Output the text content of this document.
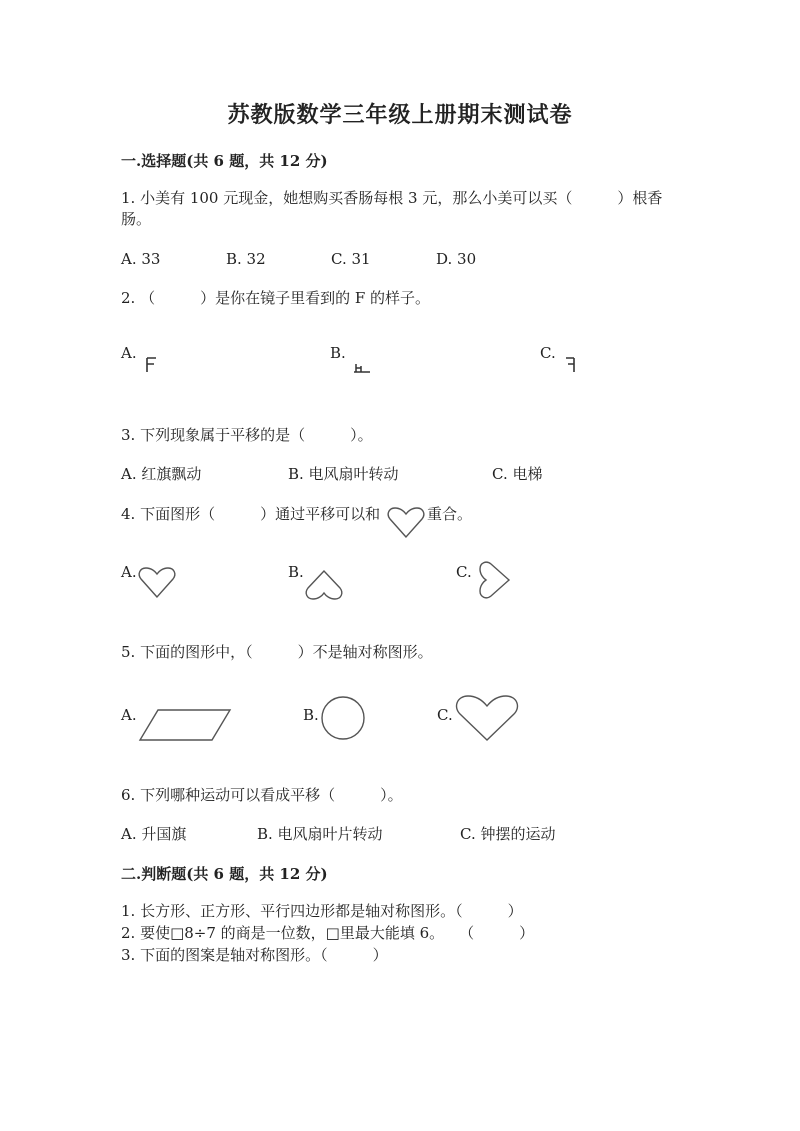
苏教版数学三年级上册期末测试卷
一.选择题(共 6 题，共 12 分)
1. 小美有 100 元现金，她想购买香肠每根 3 元，那么小美可以买（　　　）根香
肠。
A. 33	B. 32	C. 31	D. 30
2. （　　　）是你在镜子里看到的 F 的样子。
A.	B.	C.
3. 下列现象属于平移的是（　　　）。
A. 红旗飘动	B. 电风扇叶转动	C. 电梯
4. 下面图形（　　　）通过平移可以和	重合。
A.	B.	C.
5. 下面的图形中，（　　　）不是轴对称图形。
A.	B.	C.
6. 下列哪种运动可以看成平移（　　　）。
A. 升国旗	B. 电风扇叶片转动	C. 钟摆的运动
二.判断题(共 6 题，共 12 分)
1. 长方形、正方形、平行四边形都是轴对称图形。（　　　）
2. 要使□8÷7 的商是一位数，□里最大能填 6。　　（　　　）
3. 下面的图案是轴对称图形。（　　　）
